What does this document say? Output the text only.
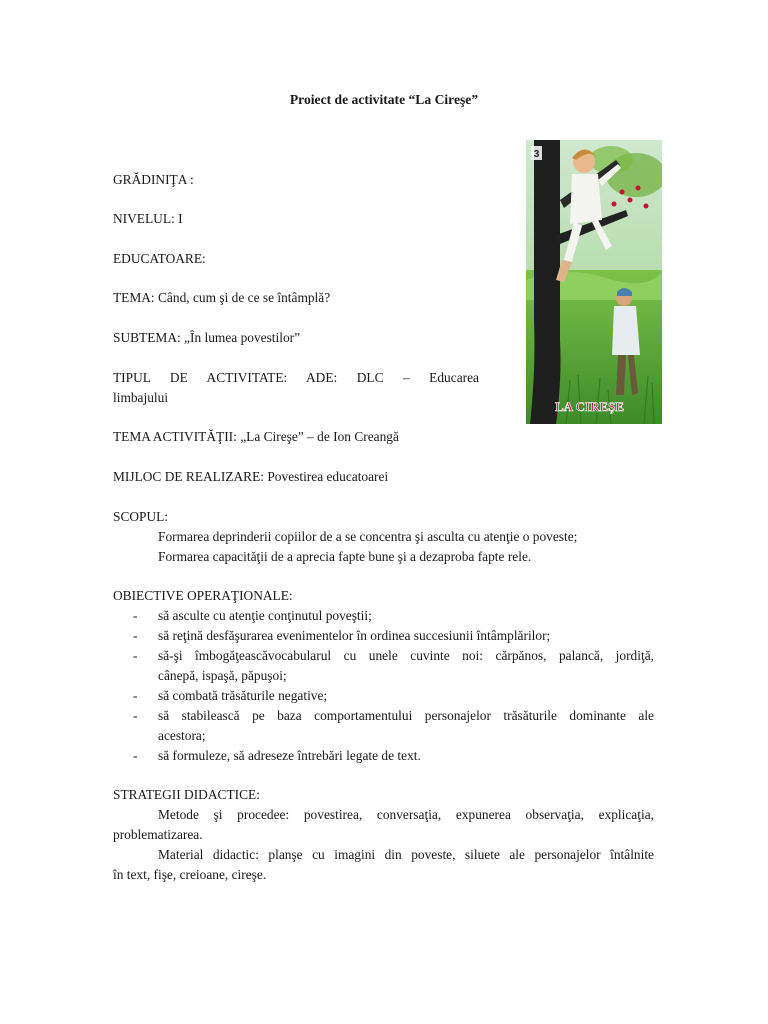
Proiect de activitate “La Cireşe”
GRĂDINIŢA :
NIVELUL: I
EDUCATOARE:
TEMA: Când, cum şi de ce se întâmplă?
SUBTEMA: „În lumea povestilor”
TIPUL DE ACTIVITATE: ADE: DLC – Educarea
limbajului
TEMA ACTIVITĂŢII: „La Cireşe” – de Ion Creangă
MIJLOC DE REALIZARE: Povestirea educatoarei
SCOPUL:
Formarea deprinderii copiilor de a se concentra şi asculta cu atenţie o poveste;
Formarea capacităţii de a aprecia fapte bune şi a dezaproba fapte rele.
OBIECTIVE OPERAŢIONALE:
- să asculte cu atenţie conţinutul poveştii;
- să reţină desfăşurarea evenimentelor în ordinea succesiunii întâmplărilor;
- să-şi îmbogăţeascăvocabularul cu unele cuvinte noi: cărpănos, palancă, jordiţă,
cânepă, ispaşă, păpuşoi;
- să combată trăsăturile negative;
- să stabilească pe baza comportamentului personajelor trăsăturile dominante ale
acestora;
- să formuleze, să adreseze întrebări legate de text.
STRATEGII DIDACTICE:
Metode şi procedee: povestirea, conversaţia, expunerea observaţia, explicaţia,
problematizarea.
Material didactic: planşe cu imagini din poveste, siluete ale personajelor întâlnite
în text, fişe, creioane, cireşe.
3
LA CIREŞE
